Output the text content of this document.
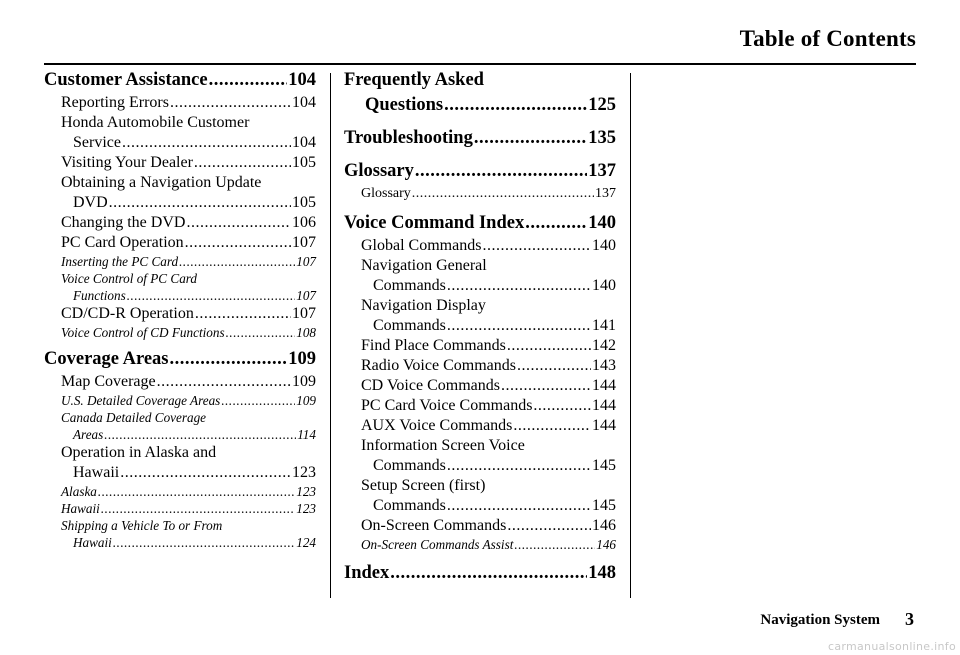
Table of Contents
Customer Assistance .....	104
Reporting Errors .....	104
Honda Automobile Customer
Service .....	104
Visiting Your Dealer .....	105
Obtaining a Navigation Update
DVD .....	105
Changing the DVD .....	106
PC Card Operation .....	107
Inserting the PC Card .....	107
Voice Control of PC Card
Functions .....	107
CD/CD-R Operation .....	107
Voice Control of CD Functions .....	108
Coverage Areas .....	109
Map Coverage .....	109
U.S. Detailed Coverage Areas .....	109
Canada Detailed Coverage
Areas .....	114
Operation in Alaska and
Hawaii .....	123
Alaska .....	123
Hawaii .....	123
Shipping a Vehicle To or From
Hawaii .....	124
Frequently Asked
Questions .....	125
Troubleshooting .....	135
Glossary .....	137
Glossary .....	137
Voice Command Index .....	140
Global Commands .....	140
Navigation General
Commands .....	140
Navigation Display
Commands .....	141
Find Place Commands .....	142
Radio Voice Commands .....	143
CD Voice Commands .....	144
PC Card Voice Commands .....	144
AUX Voice Commands .....	144
Information Screen Voice
Commands .....	145
Setup Screen (first)
Commands .....	145
On-Screen Commands .....	146
On-Screen Commands Assist .....	146
Index .....	148
Navigation System 3
carmanualsonline.info
